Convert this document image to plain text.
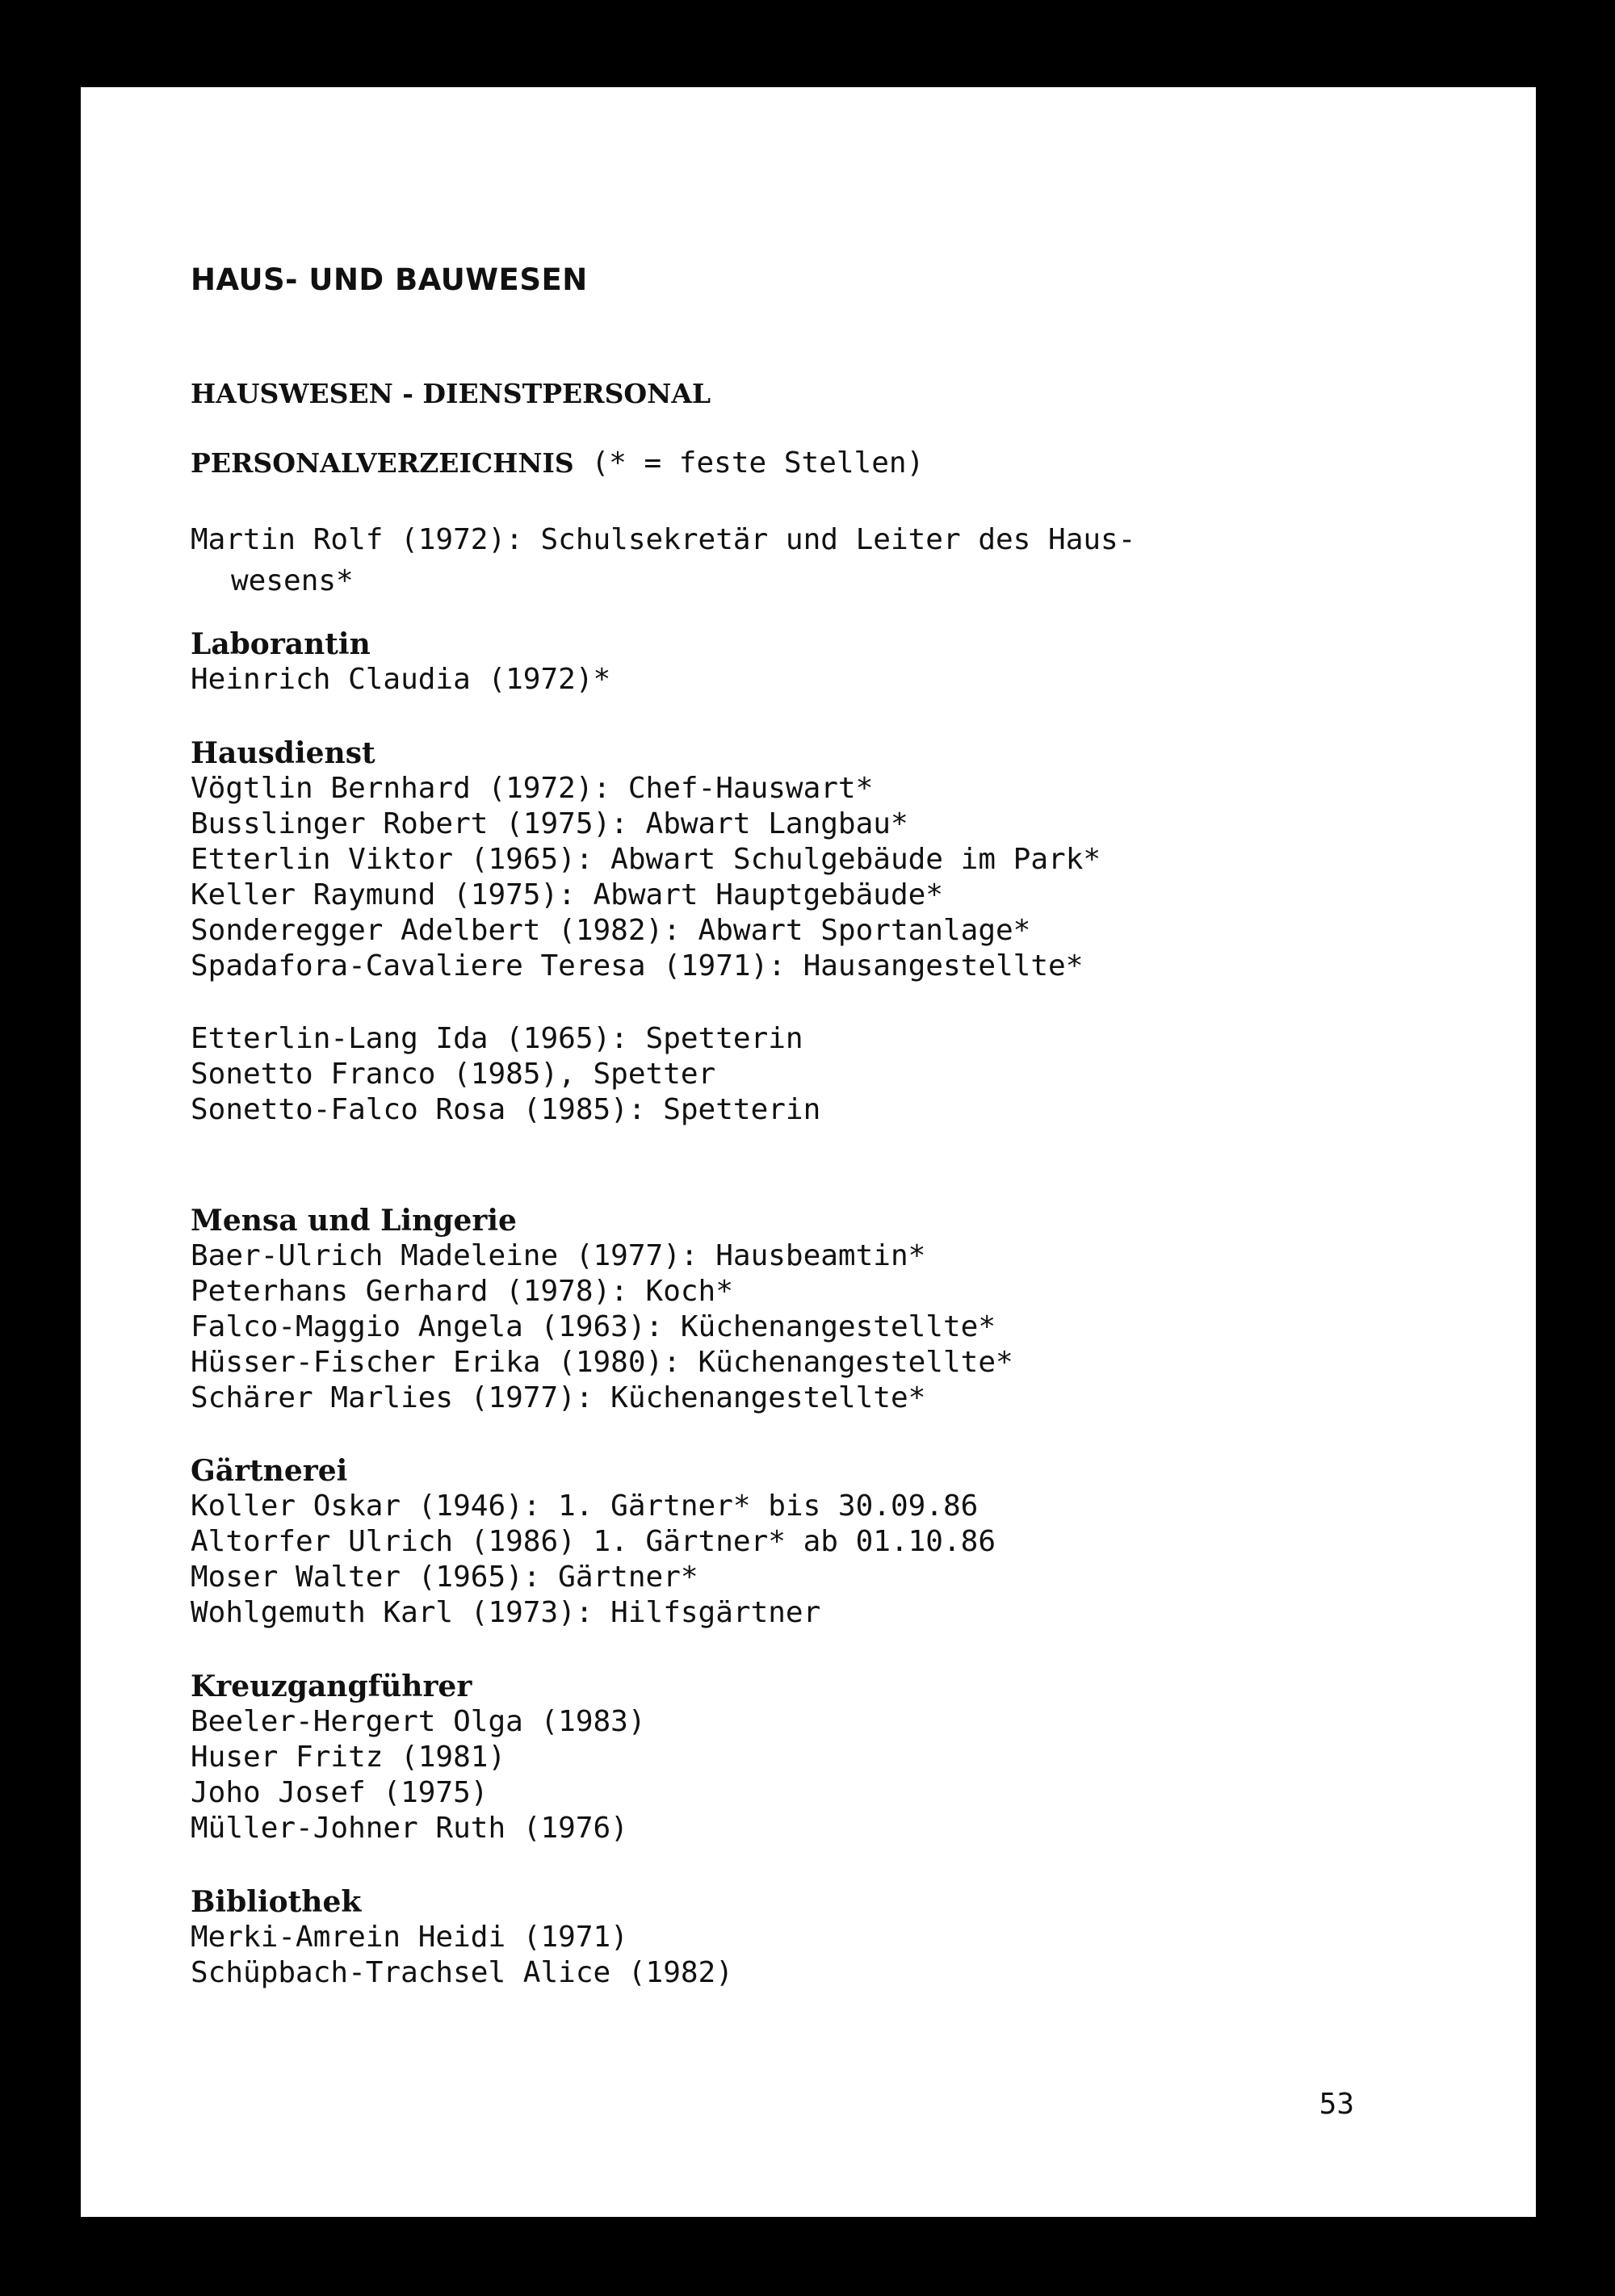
HAUS- UND BAUWESEN
HAUSWESEN - DIENSTPERSONAL
PERSONALVERZEICHNIS (* = feste Stellen)

Martin Rolf (1972): Schulsekretär und Leiter des Haus-
wesens*

Laborantin
Heinrich Claudia (1972)*
Hausdienst
Vögtlin Bernhard (1972): Chef-Hauswart*
Busslinger Robert (1975): Abwart Langbau*
Etterlin Viktor (1965): Abwart Schulgebäude im Park*
Keller Raymund (1975): Abwart Hauptgebäude*
Sonderegger Adelbert (1982): Abwart Sportanlage*
Spadafora-Cavaliere Teresa (1971): Hausangestellte*
Etterlin-Lang Ida (1965): Spetterin
Sonetto Franco (1985), Spetter
Sonetto-Falco Rosa (1985): Spetterin
Mensa und Lingerie
Baer-Ulrich Madeleine (1977): Hausbeamtin*
Peterhans Gerhard (1978): Koch*
Falco-Maggio Angela (1963): Küchenangestellte*
Hüsser-Fischer Erika (1980): Küchenangestellte*
Schärer Marlies (1977): Küchenangestellte*
Gärtnerei
Koller Oskar (1946): 1. Gärtner* bis 30.09.86
Altorfer Ulrich (1986) 1. Gärtner* ab 01.10.86
Moser Walter (1965): Gärtner*
Wohlgemuth Karl (1973): Hilfsgärtner
Kreuzgangführer
Beeler-Hergert Olga (1983)
Huser Fritz (1981)
Joho Josef (1975)
Müller-Johner Ruth (1976)
Bibliothek
Merki-Amrein Heidi (1971)
Schüpbach-Trachsel Alice (1982)
53
